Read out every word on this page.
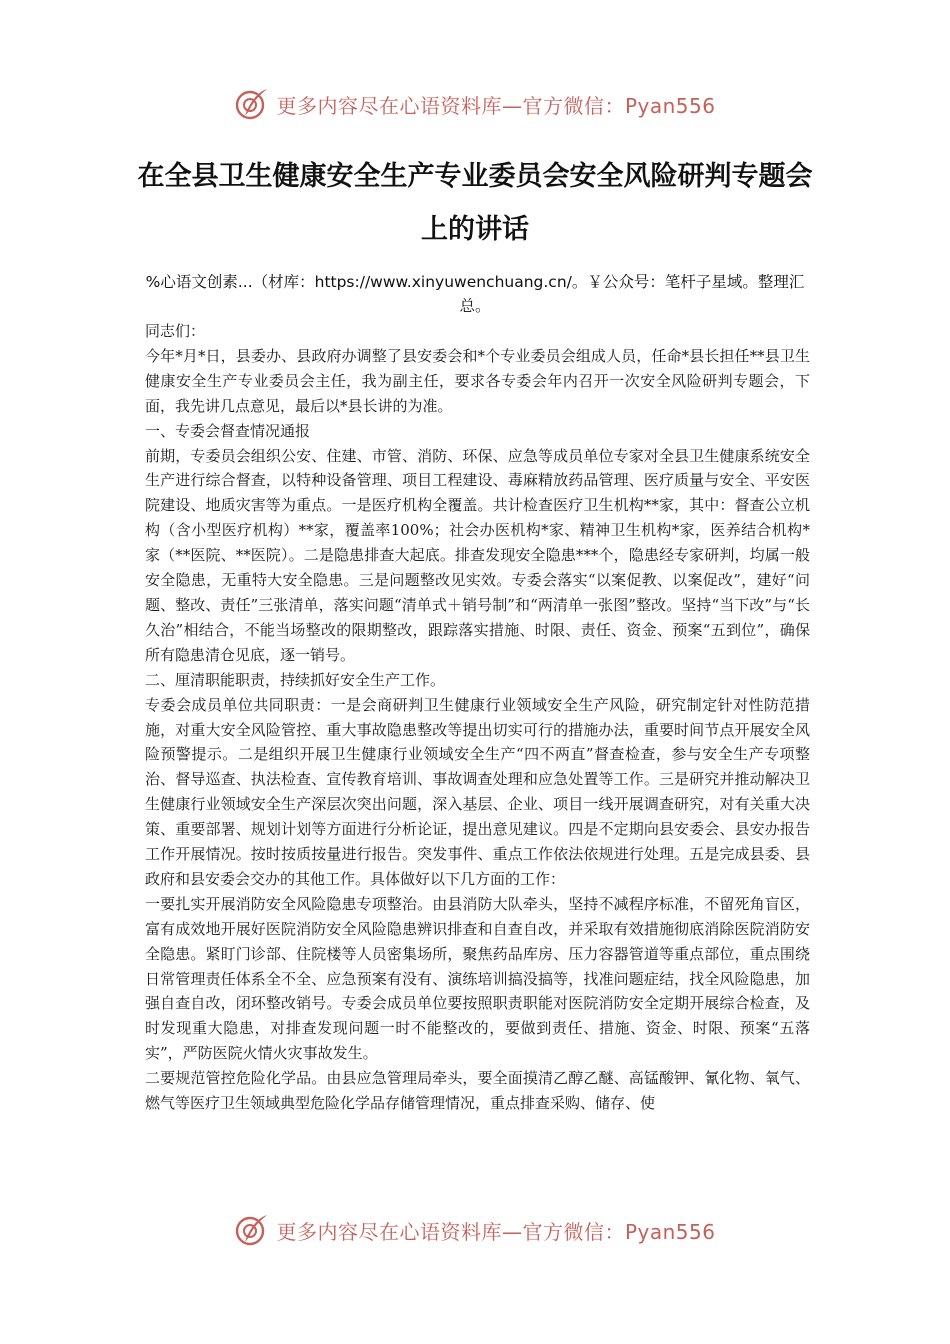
更多内容尽在心语资料库—官方微信：Pyan556
在全县卫生健康安全生产专业委员会安全风险研判专题会上的讲话
%心语文创素...（材库：https://www.xinyuwenchuang.cn/。￥公众号：笔杆子星域。整理汇总。

同志们：

今年*月*日，县委办、县政府办调整了县安委会和*个专业委员会组成人员，任命*县长担任**县卫生健康安全生产专业委员会主任，我为副主任，要求各专委会年内召开一次安全风险研判专题会，下面，我先讲几点意见，最后以*县长讲的为准。

一、专委会督查情况通报

前期，专委员会组织公安、住建、市管、消防、环保、应急等成员单位专家对全县卫生健康系统安全生产进行综合督查，以特种设备管理、项目工程建设、毒麻精放药品管理、医疗质量与安全、平安医院建设、地质灾害等为重点。一是医疗机构全覆盖。共计检查医疗卫生机构**家，其中：督查公立机构（含小型医疗机构）**家，覆盖率100%；社会办医机构*家、精神卫生机构*家，医养结合机构*家（**医院、**医院）。二是隐患排查大起底。排查发现安全隐患***个，隐患经专家研判，均属一般安全隐患，无重特大安全隐患。三是问题整改见实效。专委会落实“以案促教、以案促改”，建好“问题、整改、责任”三张清单，落实问题“清单式＋销号制”和“两清单一张图”整改。坚持“当下改”与“长久治”相结合，不能当场整改的限期整改，跟踪落实措施、时限、责任、资金、预案“五到位”，确保所有隐患清仓见底，逐一销号。

二、厘清职能职责，持续抓好安全生产工作。

专委会成员单位共同职责：一是会商研判卫生健康行业领域安全生产风险，研究制定针对性防范措施，对重大安全风险管控、重大事故隐患整改等提出切实可行的措施办法，重要时间节点开展安全风险预警提示。二是组织开展卫生健康行业领域安全生产“四不两直”督查检查，参与安全生产专项整治、督导巡查、执法检查、宣传教育培训、事故调查处理和应急处置等工作。三是研究并推动解决卫生健康行业领域安全生产深层次突出问题，深入基层、企业、项目一线开展调查研究，对有关重大决策、重要部署、规划计划等方面进行分析论证，提出意见建议。四是不定期向县安委会、县安办报告工作开展情况。按时按质按量进行报告。突发事件、重点工作依法依规进行处理。五是完成县委、县政府和县安委会交办的其他工作。具体做好以下几方面的工作：

一要扎实开展消防安全风险隐患专项整治。由县消防大队牵头，坚持不减程序标准，不留死角盲区，富有成效地开展好医院消防安全风险隐患辨识排查和自查自改，并采取有效措施彻底消除医院消防安全隐患。紧盯门诊部、住院楼等人员密集场所，聚焦药品库房、压力容器管道等重点部位，重点围绕日常管理责任体系全不全、应急预案有没有、演练培训搞没搞等，找准问题症结，找全风险隐患，加强自查自改，闭环整改销号。专委会成员单位要按照职责职能对医院消防安全定期开展综合检查，及时发现重大隐患，对排查发现问题一时不能整改的，要做到责任、措施、资金、时限、预案“五落实”，严防医院火情火灾事故发生。

二要规范管控危险化学品。由县应急管理局牵头，要全面摸清乙醇乙醚、高锰酸钾、氰化物、氧气、燃气等医疗卫生领域典型危险化学品存储管理情况，重点排查采购、储存、使

更多内容尽在心语资料库—官方微信：Pyan556
